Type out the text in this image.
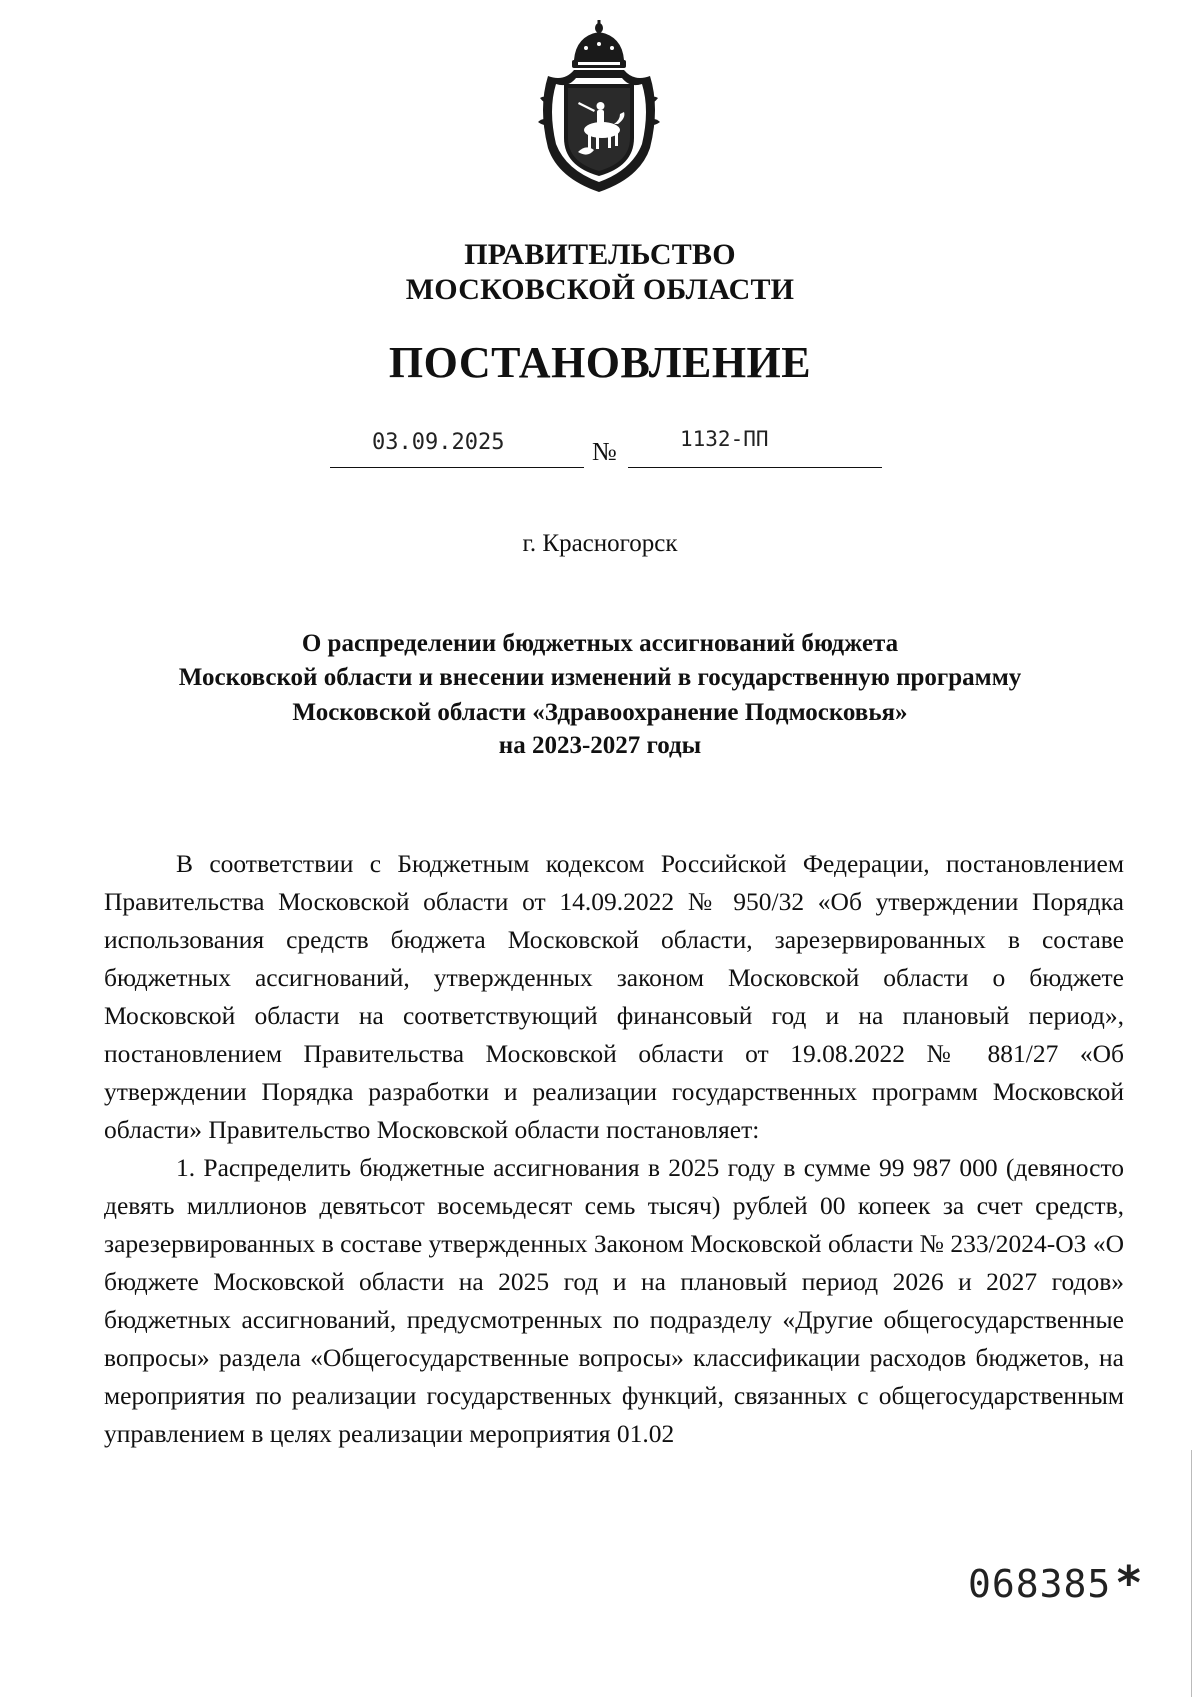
ПРАВИТЕЛЬСТВО
МОСКОВСКОЙ ОБЛАСТИ
ПОСТАНОВЛЕНИЕ
03.09.2025	№	1132-ПП
г. Красногорск
О распределении бюджетных ассигнований бюджета
Московской области и внесении изменений в государственную программу
Московской области «Здравоохранение Подмосковья»
на 2023-2027 годы

В соответствии с Бюджетным кодексом Российской Федерации, постановлением Правительства Московской области от 14.09.2022 № 950/32 «Об утверждении Порядка использования средств бюджета Московской области, зарезервированных в составе бюджетных ассигнований, утвержденных законом Московской области о бюджете Московской области на соответствующий финансовый год и на плановый период», постановлением Правительства Московской области от 19.08.2022 № 881/27 «Об утверждении Порядка разработки и реализации государственных программ Московской области» Правительство Московской области постановляет:

1. Распределить бюджетные ассигнования в 2025 году в сумме 99 987 000 (девяносто девять миллионов девятьсот восемьдесят семь тысяч) рублей 00 копеек за счет средств, зарезервированных в составе утвержденных Законом Московской области № 233/2024-ОЗ «О бюджете Московской области на 2025 год и на плановый период 2026 и 2027 годов» бюджетных ассигнований, предусмотренных по подразделу «Другие общегосударственные вопросы» раздела «Общегосударственные вопросы» классификации расходов бюджетов, на мероприятия по реализации государственных функций, связанных с общегосударственным управлением в целях реализации мероприятия 01.02

068385 *
